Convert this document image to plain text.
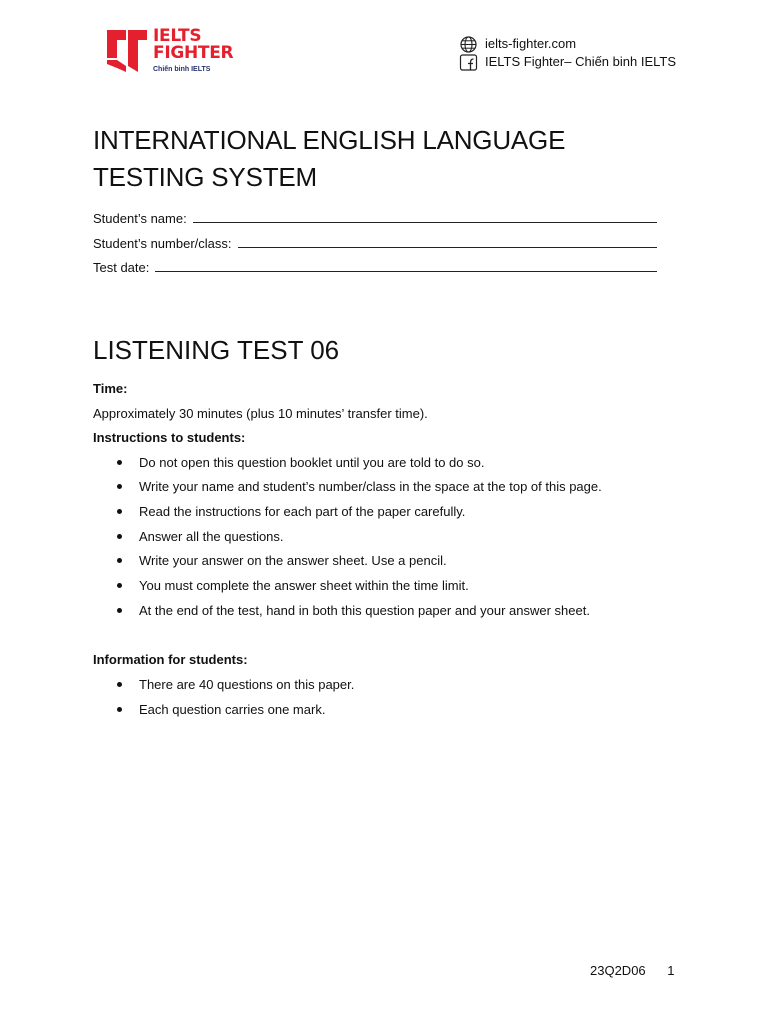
IELTS
FIGHTER
Chiến binh IELTS
ielts-fighter.com
IELTS Fighter– Chiến binh IELTS
INTERNATIONAL ENGLISH LANGUAGE
TESTING SYSTEM
Student’s name:
Student’s number/class:
Test date:
LISTENING TEST 06
Time:
Approximately 30 minutes (plus 10 minutes’ transfer time).
Instructions to students:
Do not open this question booklet until you are told to do so.
Write your name and student’s number/class in the space at the top of this page.
Read the instructions for each part of the paper carefully.
Answer all the questions.
Write your answer on the answer sheet. Use a pencil.
You must complete the answer sheet within the time limit.
At the end of the test, hand in both this question paper and your answer sheet.
Information for students:
There are 40 questions on this paper.
Each question carries one mark.
23Q2D06 1
